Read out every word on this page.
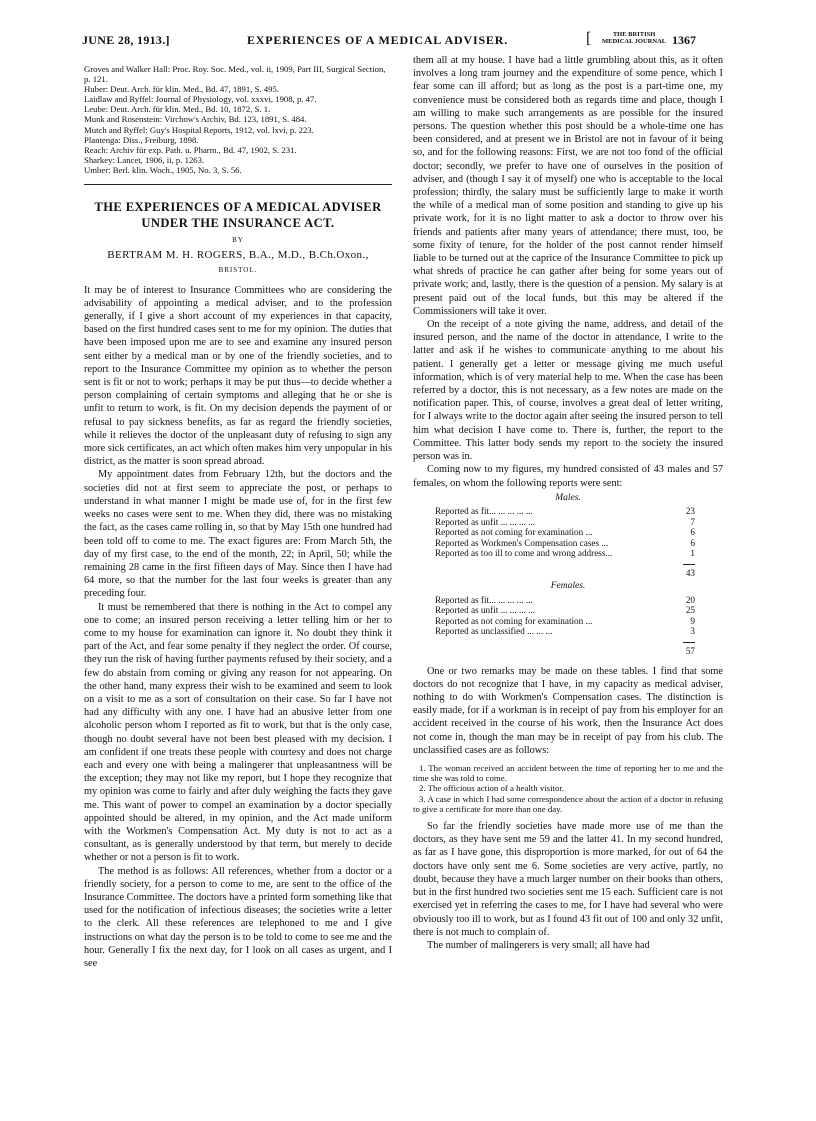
JUNE 28, 1913.]	EXPERIENCES OF A MEDICAL ADVISER.	[	THE BRITISH
MEDICAL JOURNAL 1367

Groves and Walker Hall: Proc. Roy. Soc. Med., vol. ii, 1909, Part III, Surgical Section, p. 121.

Huber: Deut. Arch. für klin. Med., Bd. 47, 1891, S. 495.

Laidlaw and Ryffel: Journal of Physiology, vol. xxxvi, 1908, p. 47.

Leube: Deut. Arch. für klin. Med., Bd. 10, 1872, S. 1.

Munk and Rosenstein: Virchow's Archiv, Bd. 123, 1891, S. 484.

Mutch and Ryffel: Guy's Hospital Reports, 1912, vol. lxvi, p. 223.

Plantenga: Diss., Freiburg, 1898.

Reach: Archiv für exp. Path. u. Pharm., Bd. 47, 1902, S. 231.

Sharkey: Lancet, 1906, ii, p. 1263.

Umber: Berl. klin. Woch., 1905, No. 3, S. 56.

THE EXPERIENCES OF A MEDICAL ADVISER
UNDER THE INSURANCE ACT.
BY
BERTRAM M. H. ROGERS, B.A., M.D., B.Ch.Oxon.,
BRISTOL.

It may be of interest to Insurance Committees who are considering the advisability of appointing a medical adviser, and to the profession generally, if I give a short account of my experiences in that capacity, based on the first hundred cases sent to me for my opinion. The duties that have been imposed upon me are to see and examine any insured person sent either by a medical man or by one of the friendly societies, and to report to the Insurance Committee my opinion as to whether the person sent is fit or not to work; perhaps it may be put thus—to decide whether a person complaining of certain symptoms and alleging that he or she is unfit to return to work, is fit. On my decision depends the payment of or refusal to pay sickness benefits, as far as regard the friendly societies, while it relieves the doctor of the unpleasant duty of refusing to sign any more sick certificates, an act which often makes him very unpopular in his district, as the matter is soon spread abroad.

My appointment dates from February 12th, but the doctors and the societies did not at first seem to appreciate the post, or perhaps to understand in what manner I might be made use of, for in the first few weeks no cases were sent to me. When they did, there was no mistaking the fact, as the cases came rolling in, so that by May 15th one hundred had been told off to come to me. The exact figures are: From March 5th, the day of my first case, to the end of the month, 22; in April, 50; while the remaining 28 came in the first fifteen days of May. Since then I have had 64 more, so that the number for the last four weeks is greater than any preceding four.

It must be remembered that there is nothing in the Act to compel any one to come; an insured person receiving a letter telling him or her to come to my house for examination can ignore it. No doubt they think it part of the Act, and fear some penalty if they neglect the order. Of course, they run the risk of having further payments refused by their society, and a few do abstain from coming or giving any reason for not appearing. On the other hand, many express their wish to be examined and seem to look on a visit to me as a sort of consultation on their case. So far I have not had any difficulty with any one. I have had an abusive letter from one alcoholic person whom I reported as fit to work, but that is the only case, though no doubt several have not been best pleased with my decision. I am confident if one treats these people with courtesy and does not charge each and every one with being a malingerer that unpleasantness will be the exception; they may not like my report, but I hope they recognize that my opinion was come to fairly and after duly weighing the facts they gave me. This want of power to compel an examination by a doctor specially appointed should be altered, in my opinion, and the Act made uniform with the Workmen's Compensation Act. My duty is not to act as a consultant, as is generally understood by that term, but merely to decide whether or not a person is fit to work.

The method is as follows: All references, whether from a doctor or a friendly society, for a person to come to me, are sent to the office of the Insurance Committee. The doctors have a printed form something like that used for the notification of infectious diseases; the societies write a letter to the clerk. All these references are telephoned to me and I give instructions on what day the person is to be told to come to see me and the hour. Generally I fix the next day, for I look on all cases as urgent, and I see

them all at my house. I have had a little grumbling about this, as it often involves a long tram journey and the expenditure of some pence, which I fear some can ill afford; but as long as the post is a part-time one, my convenience must be considered both as regards time and place, though I am willing to make such arrangements as are possible for the insured persons. The question whether this post should be a whole-time one has been considered, and at present we in Bristol are not in favour of it being so, and for the following reasons: First, we are not too fond of the official doctor; secondly, we prefer to have one of ourselves in the position of adviser, and (though I say it of myself) one who is acceptable to the local profession; thirdly, the salary must be sufficiently large to make it worth the while of a medical man of some position and standing to give up his private work, for it is no light matter to ask a doctor to throw over his friends and patients after many years of attendance; there must, too, be some fixity of tenure, for the holder of the post cannot render himself liable to be turned out at the caprice of the Insurance Committee to pick up what shreds of practice he can gather after being for some years out of private work; and, lastly, there is the question of a pension. My salary is at present paid out of the local funds, but this may be altered if the Commissioners will take it over.

On the receipt of a note giving the name, address, and detail of the insured person, and the name of the doctor in attendance, I write to the latter and ask if he wishes to communicate anything to me about his patient. I generally get a letter or message giving me much useful information, which is of very material help to me. When the case has been referred by a doctor, this is not necessary, as a few notes are made on the notification paper. This, of course, involves a great deal of letter writing, for I always write to the doctor again after seeing the insured person to tell him what decision I have come to. There is, further, the report to the Committee. This latter body sends my report to the society the insured person was in.

Coming now to my figures, my hundred consisted of 43 males and 57 females, on whom the following reports were sent:

Males.
Reported as fit... ... ... ... ...	23
Reported as unfit ... ... ... ...	7
Reported as not coming for examination ...	6
Reported as Workmen's Compensation cases ...	6
Reported as too ill to come and wrong address...	1
43
Females.
Reported as fit... ... ... ... ...	20
Reported as unfit ... ... ... ...	25
Reported as not coming for examination ...	9
Reported as unclassified ... ... ...	3
57

One or two remarks may be made on these tables. I find that some doctors do not recognize that I have, in my capacity as medical adviser, nothing to do with Workmen's Compensation cases. The distinction is easily made, for if a workman is in receipt of pay from his employer for an accident received in the course of his work, then the Insurance Act does not come in, though the man may be in receipt of pay from his club. The unclassified cases are as follows:

1. The woman received an accident between the time of reporting her to me and the time she was told to come.

2. The officious action of a health visitor.

3. A case in which I had some correspondence about the action of a doctor in refusing to give a certificate for more than one day.

So far the friendly societies have made more use of me than the doctors, as they have sent me 59 and the latter 41. In my second hundred, as far as I have gone, this disproportion is more marked, for out of 64 the doctors have only sent me 6. Some societies are very active, partly, no doubt, because they have a much larger number on their books than others, but in the first hundred two societies sent me 15 each. Sufficient care is not exercised yet in referring the cases to me, for I have had several who were obviously too ill to work, but as I found 43 fit out of 100 and only 32 unfit, there is not much to complain of.

The number of malingerers is very small; all have had
